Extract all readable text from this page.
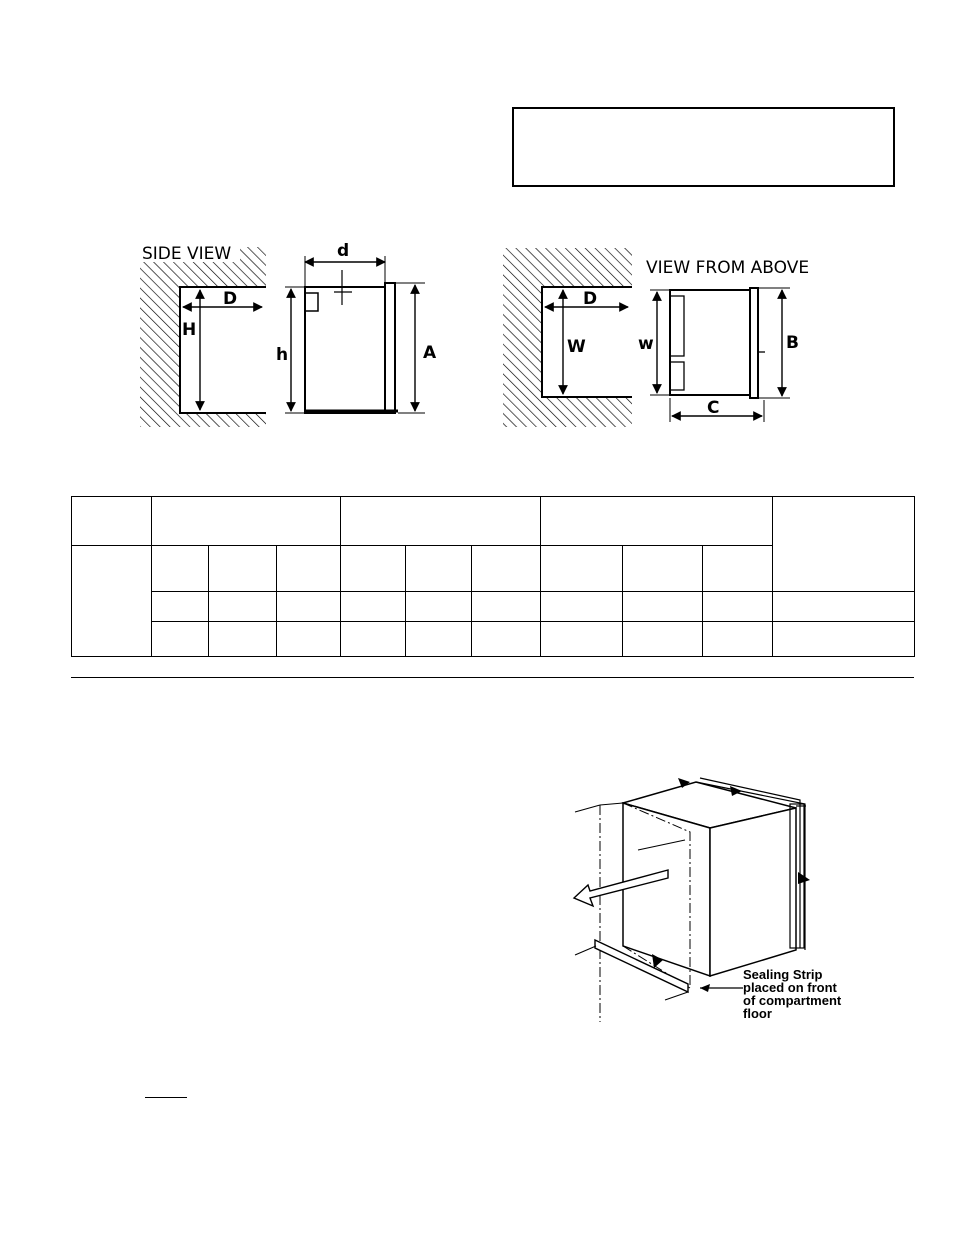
SIDE VIEW
D
H
d
h	A
VIEW FROM ABOVE
D
W	w	B
C

Sealing Strip
placed on front
of compartment
floor
